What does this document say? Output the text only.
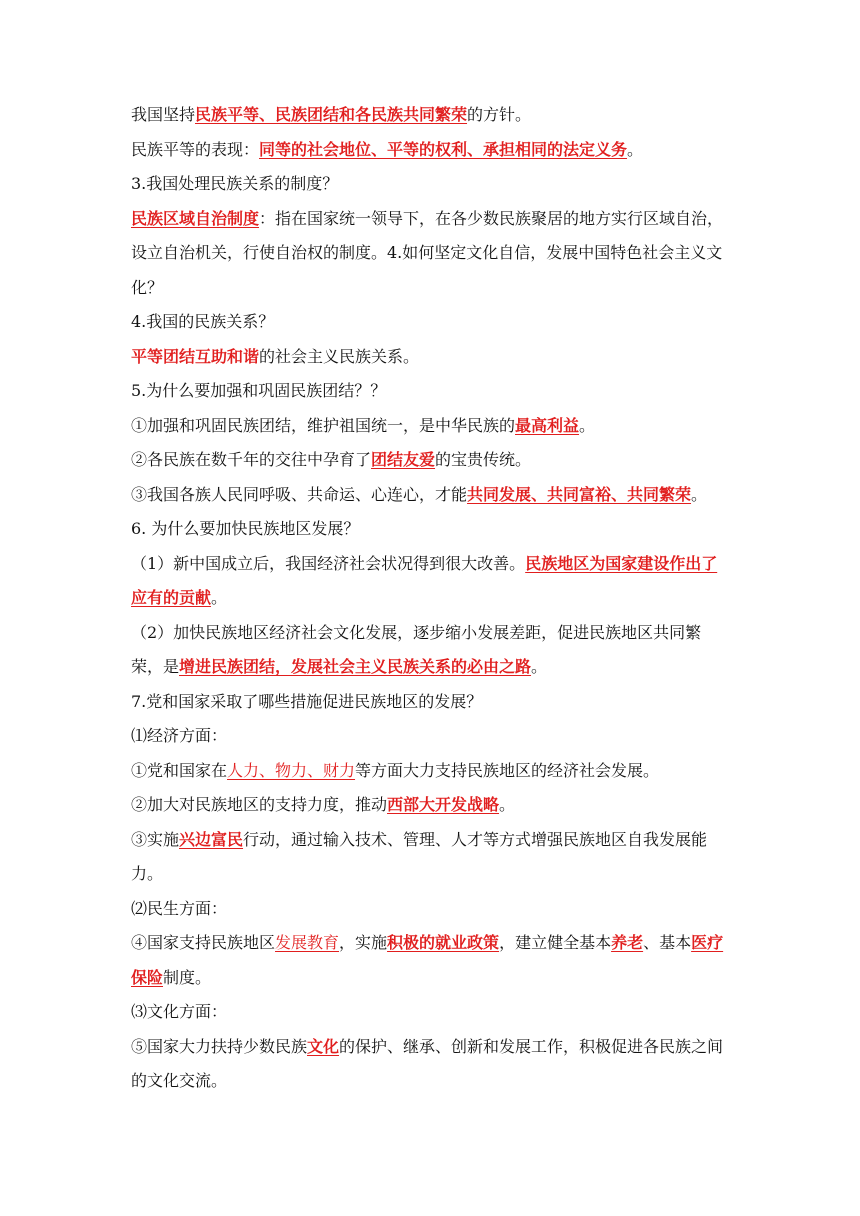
我国坚持民族平等、民族团结和各民族共同繁荣的方针。

民族平等的表现：同等的社会地位、平等的权利、承担相同的法定义务。

3.我国处理民族关系的制度？

民族区域自治制度：指在国家统一领导下，在各少数民族聚居的地方实行区域自治，设立自治机关，行使自治权的制度。4.如何坚定文化自信，发展中国特色社会主义文化？

4.我国的民族关系？

平等团结互助和谐的社会主义民族关系。

5.为什么要加强和巩固民族团结？？

①加强和巩固民族团结，维护祖国统一，是中华民族的最高利益。

②各民族在数千年的交往中孕育了团结友爱的宝贵传统。

③我国各族人民同呼吸、共命运、心连心，才能共同发展、共同富裕、共同繁荣。

6. 为什么要加快民族地区发展？

（1）新中国成立后，我国经济社会状况得到很大改善。民族地区为国家建设作出了应有的贡献。

（2）加快民族地区经济社会文化发展，逐步缩小发展差距，促进民族地区共同繁荣，是增进民族团结，发展社会主义民族关系的必由之路。

7.党和国家采取了哪些措施促进民族地区的发展？

⑴经济方面：

①党和国家在人力、物力、财力等方面大力支持民族地区的经济社会发展。

②加大对民族地区的支持力度，推动西部大开发战略。

③实施兴边富民行动，通过输入技术、管理、人才等方式增强民族地区自我发展能力。

⑵民生方面：

④国家支持民族地区发展教育，实施积极的就业政策，建立健全基本养老、基本医疗保险制度。

⑶文化方面：

⑤国家大力扶持少数民族文化的保护、继承、创新和发展工作，积极促进各民族之间的文化交流。
